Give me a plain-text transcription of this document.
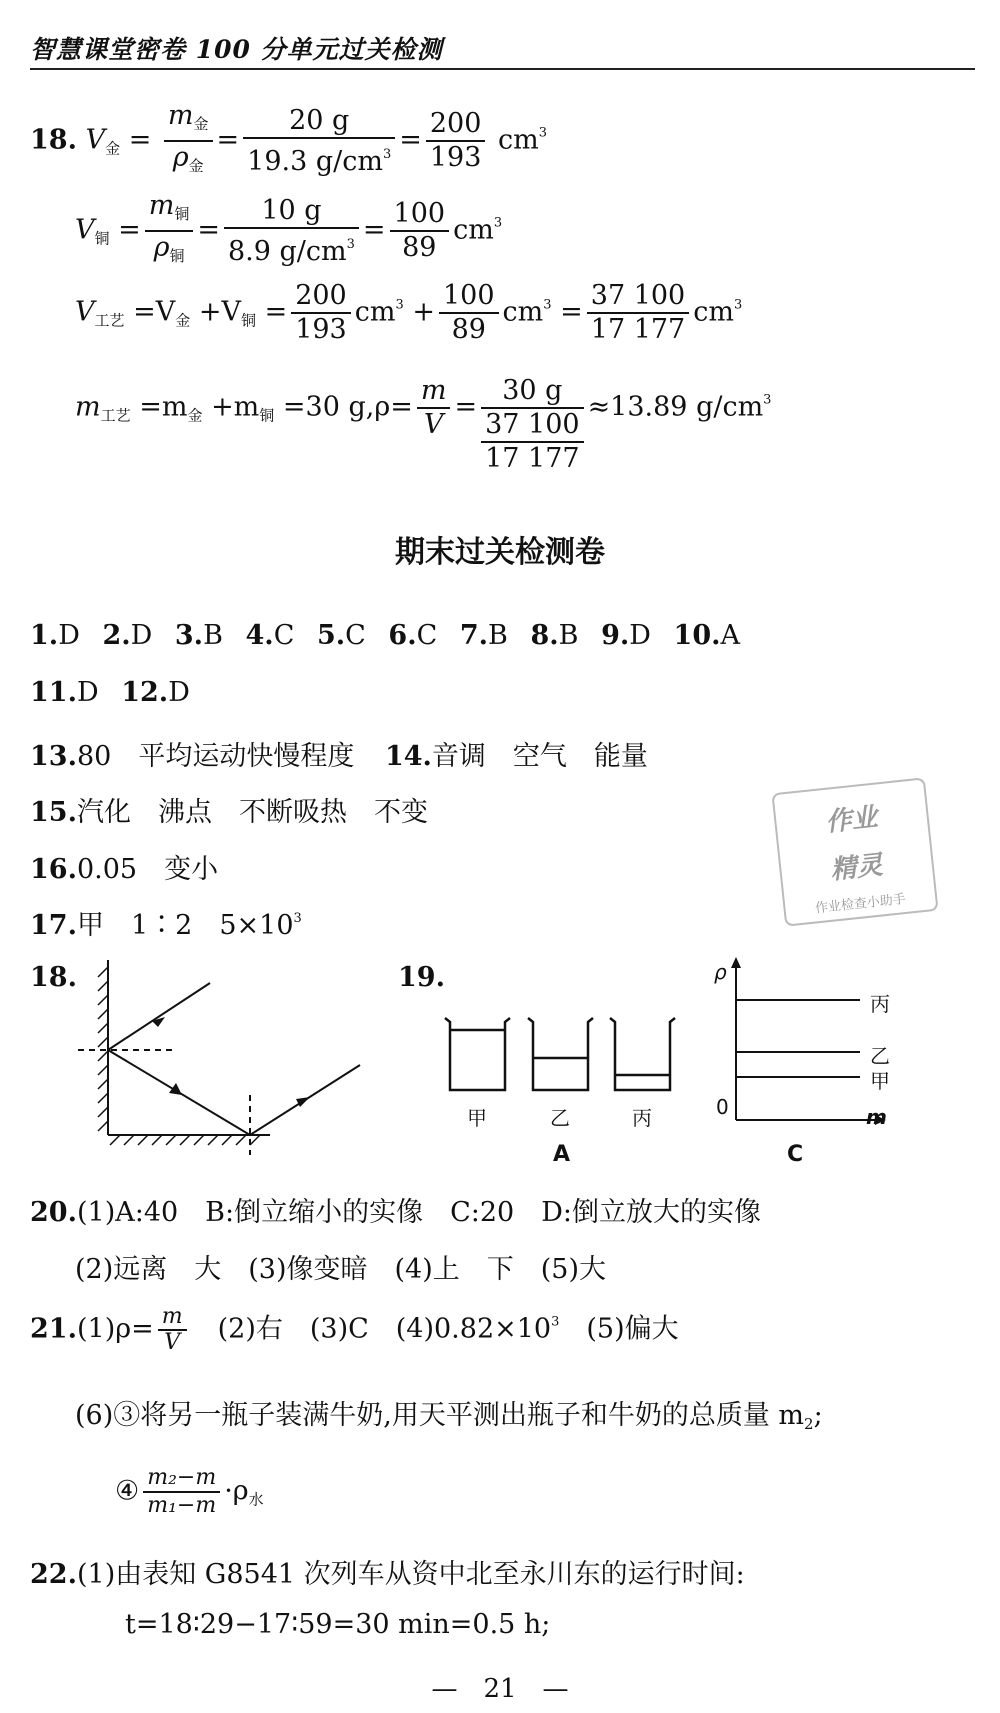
智慧课堂密卷 100 分单元过关检测
18. $V_金 = \frac{m_金}{\rho_金} = \frac{20 g}{19.3 g/cm^3} = \frac{200}{193} cm^3$
$V_铜 = \frac{m_铜}{\rho_铜} = \frac{10 g}{8.9 g/cm^3} = \frac{100}{89} cm^3$
$V_{工艺} =V_金 +V_铜 = \frac{200}{193} cm^3 + \frac{100}{89} cm^3 = \frac{37 100}{17 177} cm^3$
$m_{工艺} =m_金 +m_铜 =30$ $g,\rho= \frac{m}{V}$ =
30 g
37 100
17 177
≈13.89 $g/cm^3$
期末过关检测卷
1.D 2.D 3.B 4.C 5.C 6.C 7.B 8.B 9.D 10.A
11.D 12.D
13.80　平均运动快慢程度 14.音调　空气　能量
15.汽化　沸点　不断吸热　不变
16.0.05　变小
17.甲　1∶2　$5\times 10^3$
作业
精灵
作业检查小助手
18.	19.
甲	乙	丙
A
ρ
m
0
丙
乙
甲
C
20.(1)A:40　B:倒立缩小的实像　C:20　D:倒立放大的实像
(2)远离　大　(3)像变暗　(4)上　下　(5)大
$21.(1)\rho= \frac{m}{V}$ 　(2)右　(3)C　$(4)0.82\times 10^3$　(5)偏大
(6)③将另一瓶子装满牛奶,用天平测出瓶子和牛奶的总质量 $m_2$;
④ $\frac{\text{m₂−m}}{\text{m₁−m}} \cdot\rho_水$
22.(1)由表知 G8541 次列车从资中北至永川东的运行时间:
t=18∶29−17∶59=30 min=0.5 h;
—　21　—
